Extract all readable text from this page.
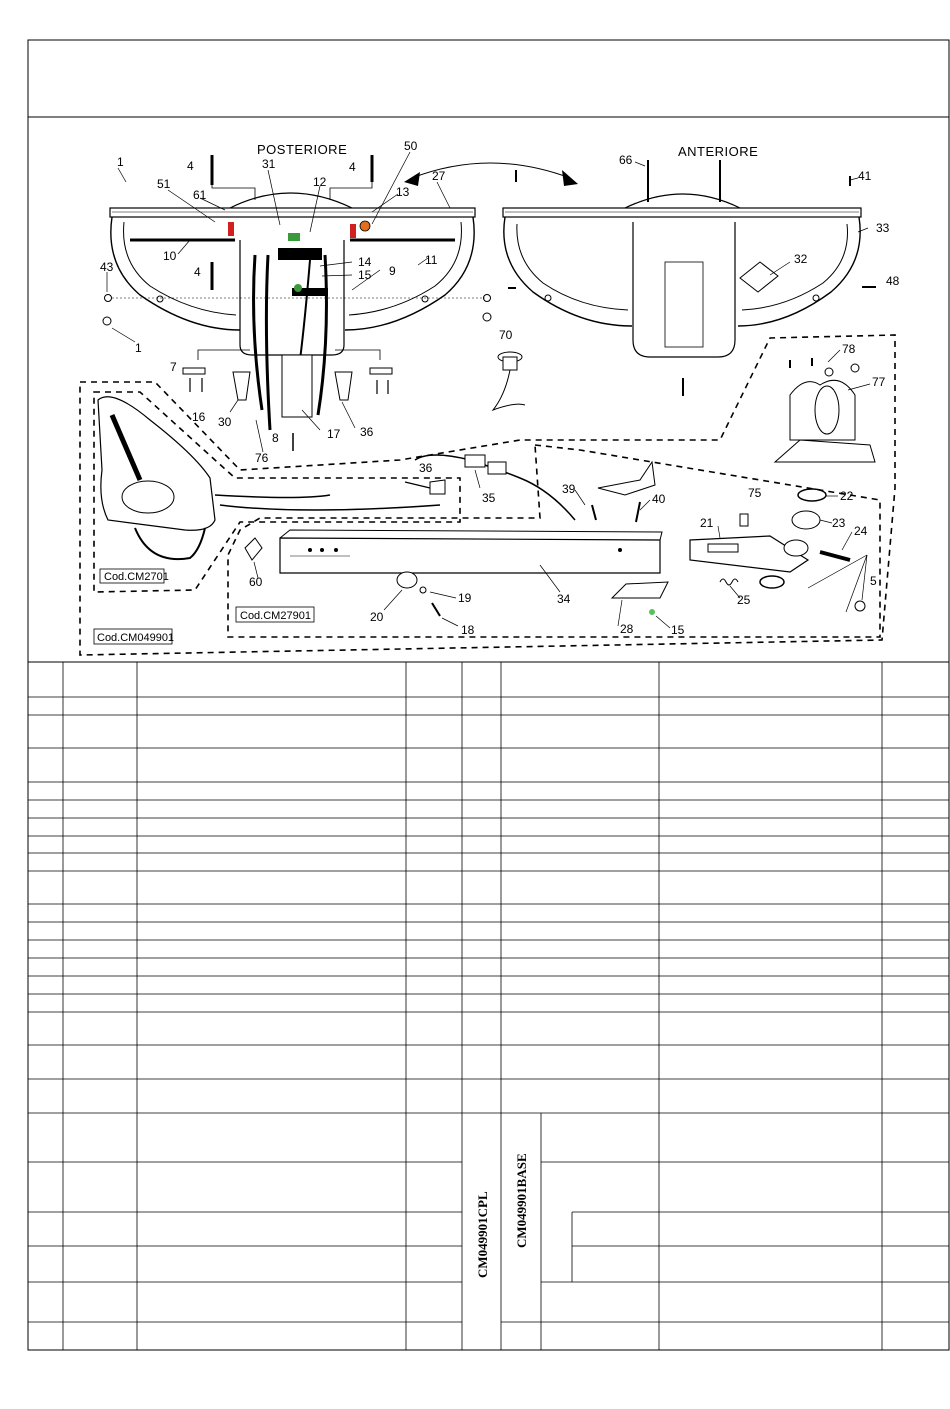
POSTERIORE	ANTERIORE
1	4	31
50
4
27
51
61
12
13
10	14
15 9
11
43	4
1
7
16 30
8
76
17 36
70
66
41
33
32
48
78
77
36
35
39
40	75	22
21	23
24
5
25
34
60
20
19
18	28	15
Cod.CM2701
Cod.CM27901
Cod.CM049901
CM049901CPL CM049901BASE
